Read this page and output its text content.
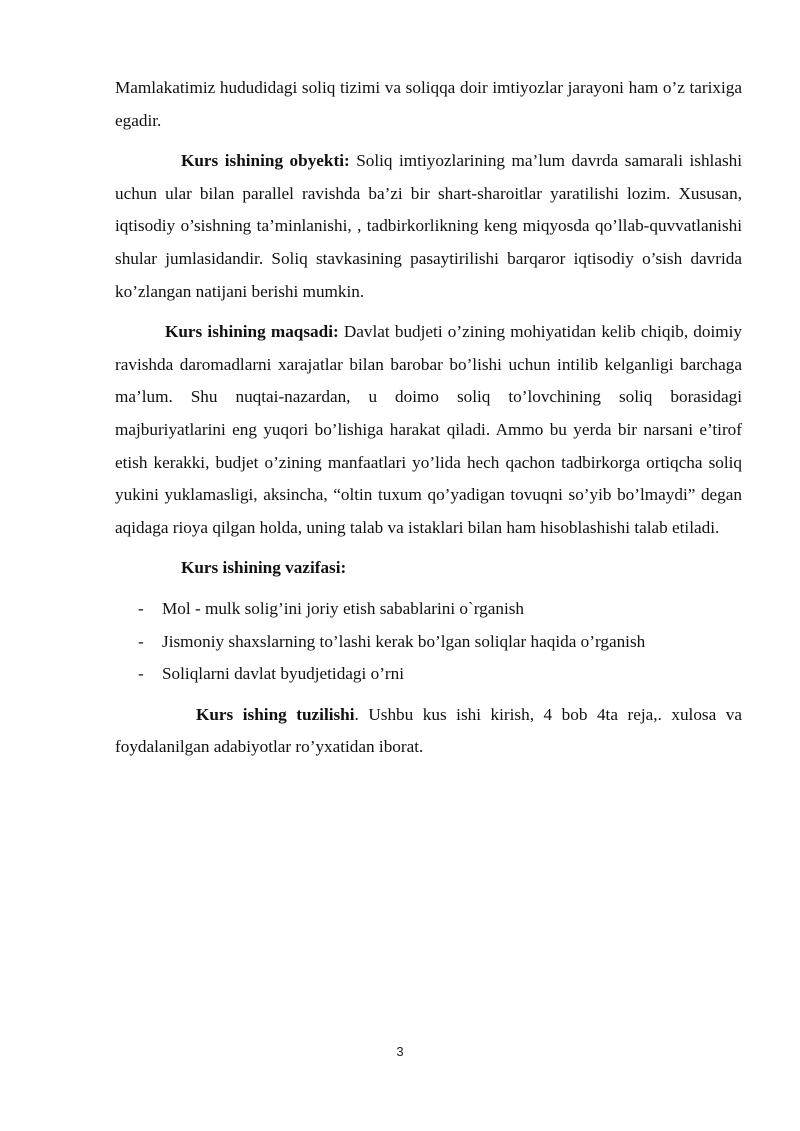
Mamlakatimiz hududidagi soliq tizimi va soliqqa doir imtiyozlar jarayoni ham o’z tarixiga egadir.

Kurs ishining obyekti: Soliq imtiyozlarining ma’lum davrda samarali ishlashi uchun ular bilan parallel ravishda ba’zi bir shart-sharoitlar yaratilishi lozim. Xususan, iqtisodiy o’sishning ta’minlanishi, , tadbirkorlikning keng miqyosda qo’llab-quvvatlanishi shular jumlasidandir. Soliq stavkasining pasaytirilishi barqaror iqtisodiy o’sish davrida ko’zlangan natijani berishi mumkin.

Kurs ishining maqsadi: Davlat budjeti o’zining mohiyatidan kelib chiqib, doimiy ravishda daromadlarni xarajatlar bilan barobar bo’lishi uchun intilib kelganligi barchaga ma’lum. Shu nuqtai-nazardan, u doimo soliq to’lovchining soliq borasidagi majburiyatlarini eng yuqori bo’lishiga harakat qiladi. Ammo bu yerda bir narsani e’tirof etish kerakki, budjet o’zining manfaatlari yo’lida hech qachon tadbirkorga ortiqcha soliq yukini yuklamasligi, aksincha, “oltin tuxum qo’yadigan tovuqni so’yib bo’lmaydi” degan aqidaga rioya qilgan holda, uning talab va istaklari bilan ham hisoblashishi talab etiladi.

Kurs ishining vazifasi:
- Mol - mulk solig’ini joriy etish sabablarini o`rganish
- Jismoniy shaxslarning to’lashi kerak bo’lgan soliqlar haqida o’rganish
- Soliqlarni davlat byudjetidagi o’rni

Kurs ishing tuzilishi. Ushbu kus ishi kirish, 4 bob 4ta reja,. xulosa va foydalanilgan adabiyotlar ro’yxatidan iborat.

3
